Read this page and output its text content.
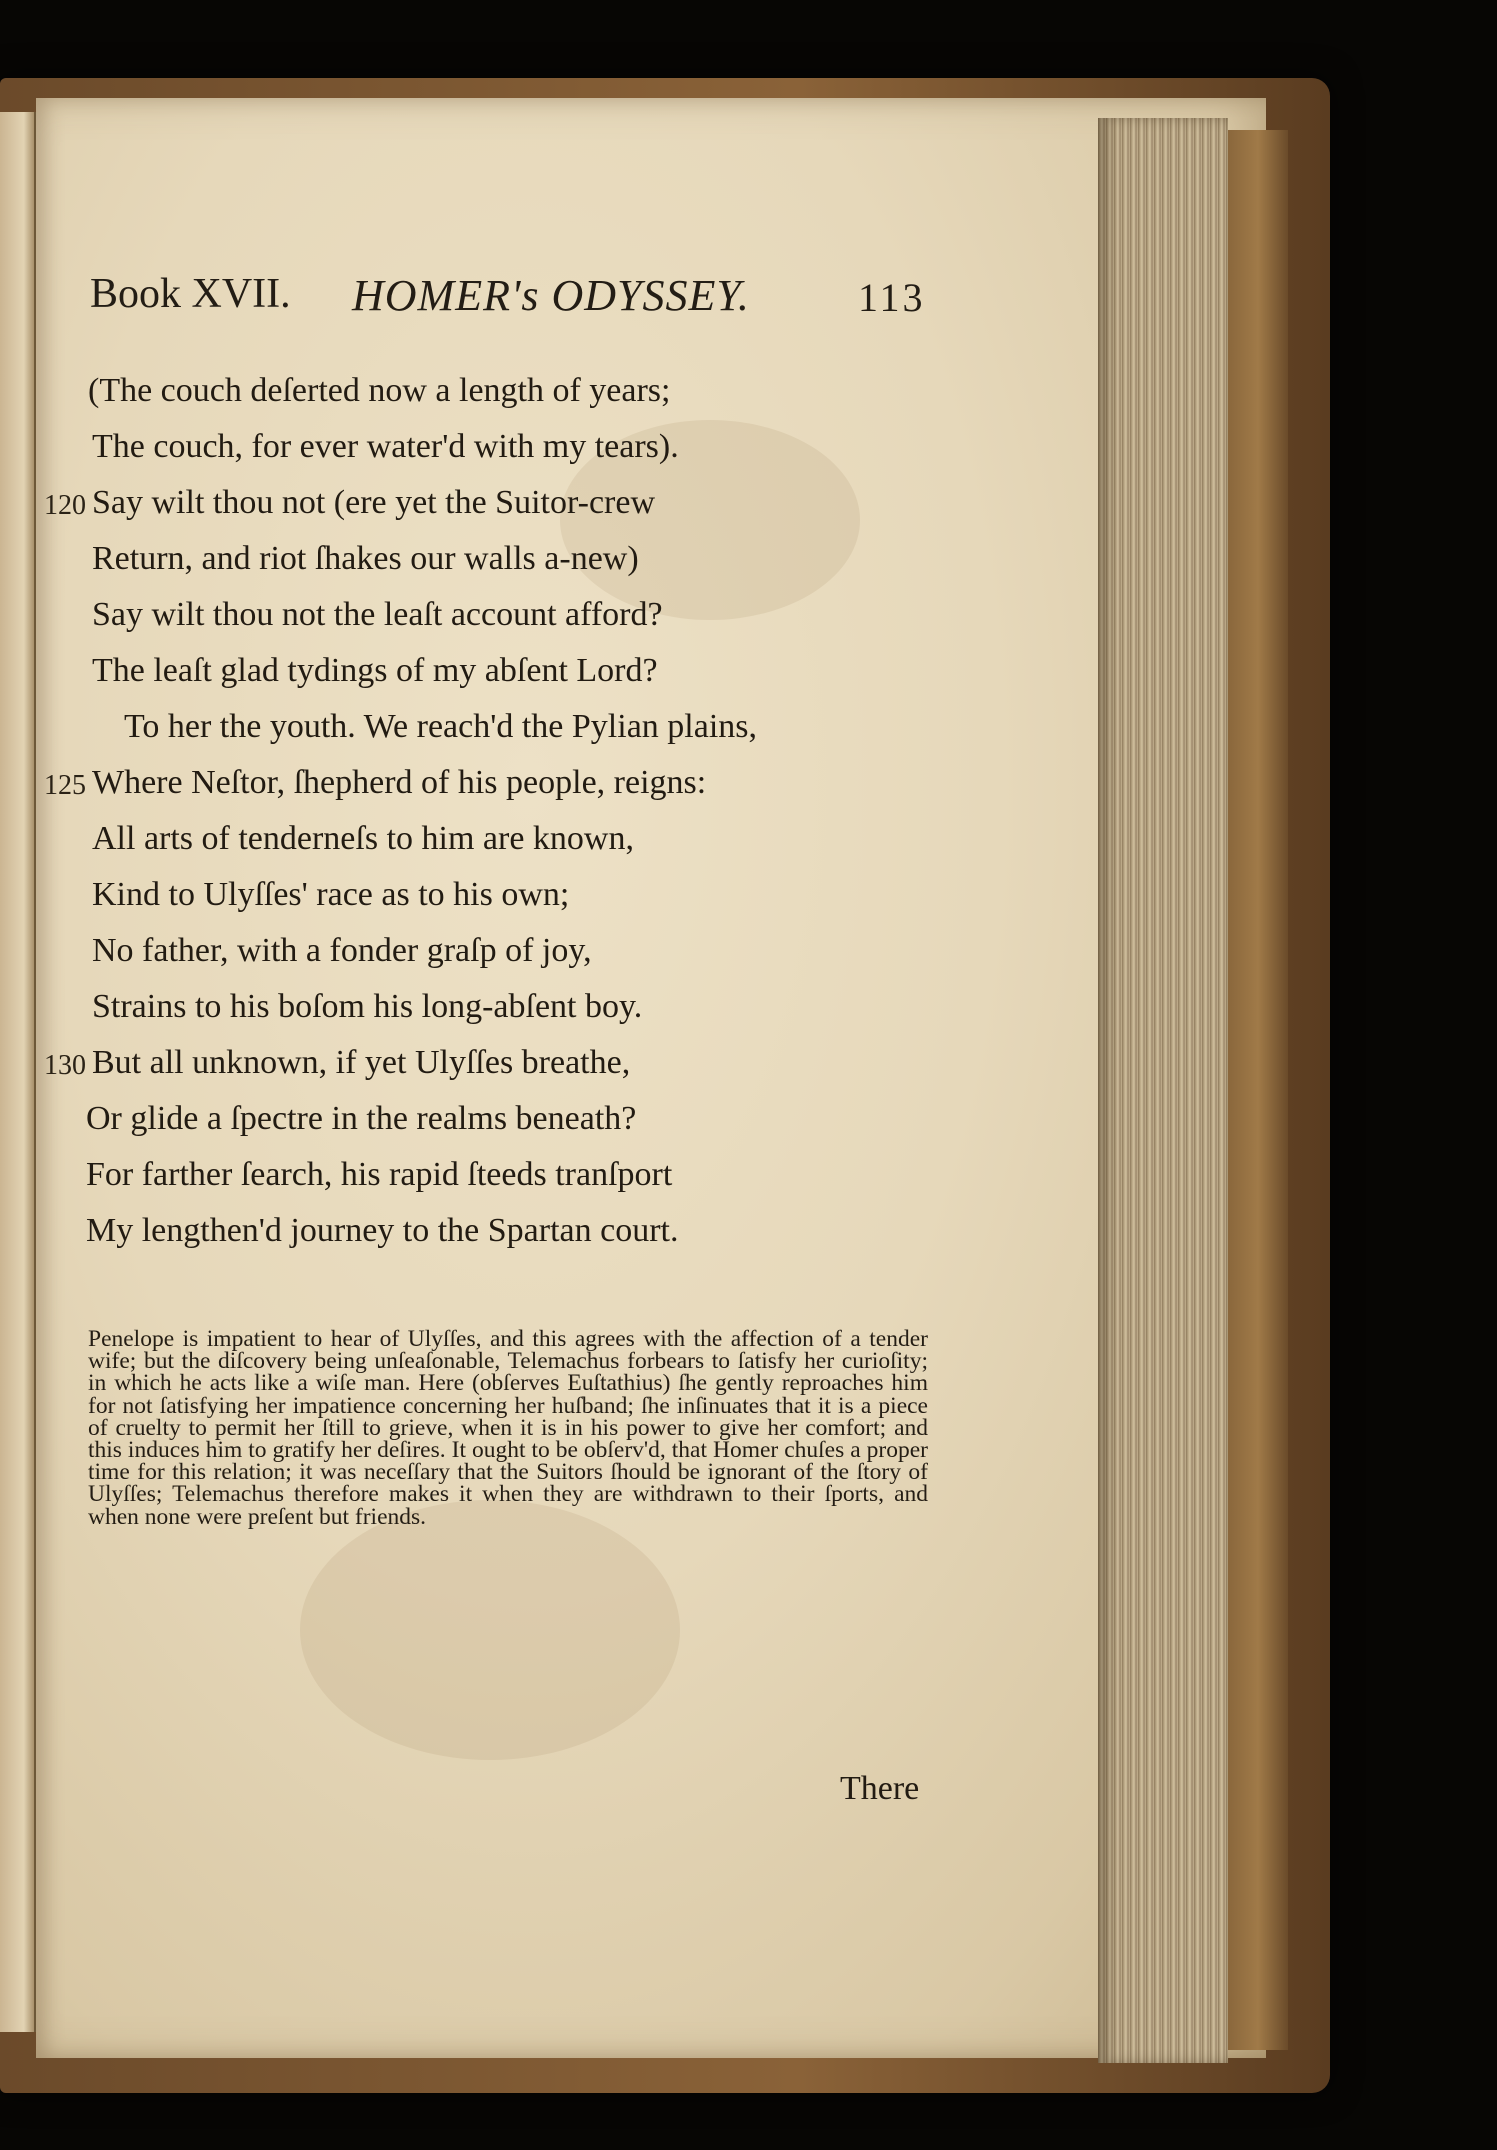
Book XVII. HOMER's ODYSSEY.	113
(The couch deſerted now a length of years;
The couch, for ever water'd with my tears).
Say wilt thou not (ere yet the Suitor-crew
Return, and riot ſhakes our walls a-new)
Say wilt thou not the leaſt account afford?
The leaſt glad tydings of my abſent Lord?
To her the youth. We reach'd the Pylian plains,
Where Neſtor, ſhepherd of his people, reigns:
All arts of tenderneſs to him are known,
Kind to Ulyſſes' race as to his own;
No father, with a fonder graſp of joy,
Strains to his boſom his long-abſent boy.
But all unknown, if yet Ulyſſes breathe,
Or glide a ſpectre in the realms beneath?
For farther ſearch, his rapid ſteeds tranſport
My lengthen'd journey to the Spartan court.
120
125
130

Penelope is impatient to hear of Ulyſſes, and this agrees with the affection of a tender wife; but the diſcovery being unſeaſonable, Telemachus forbears to ſatisfy her curioſity; in which he acts like a wiſe man. Here (obſerves Euſtathius) ſhe gently reproaches him for not ſatisfying her impatience concerning her huſband; ſhe inſinuates that it is a piece of cruelty to permit her ſtill to grieve, when it is in his power to give her comfort; and this induces him to gratify her deſires. It ought to be obſerv'd, that Homer chuſes a proper time for this relation; it was neceſſary that the Suitors ſhould be ignorant of the ſtory of Ulyſſes; Telemachus therefore makes it when they are withdrawn to their ſports, and when none were preſent but friends.

There
